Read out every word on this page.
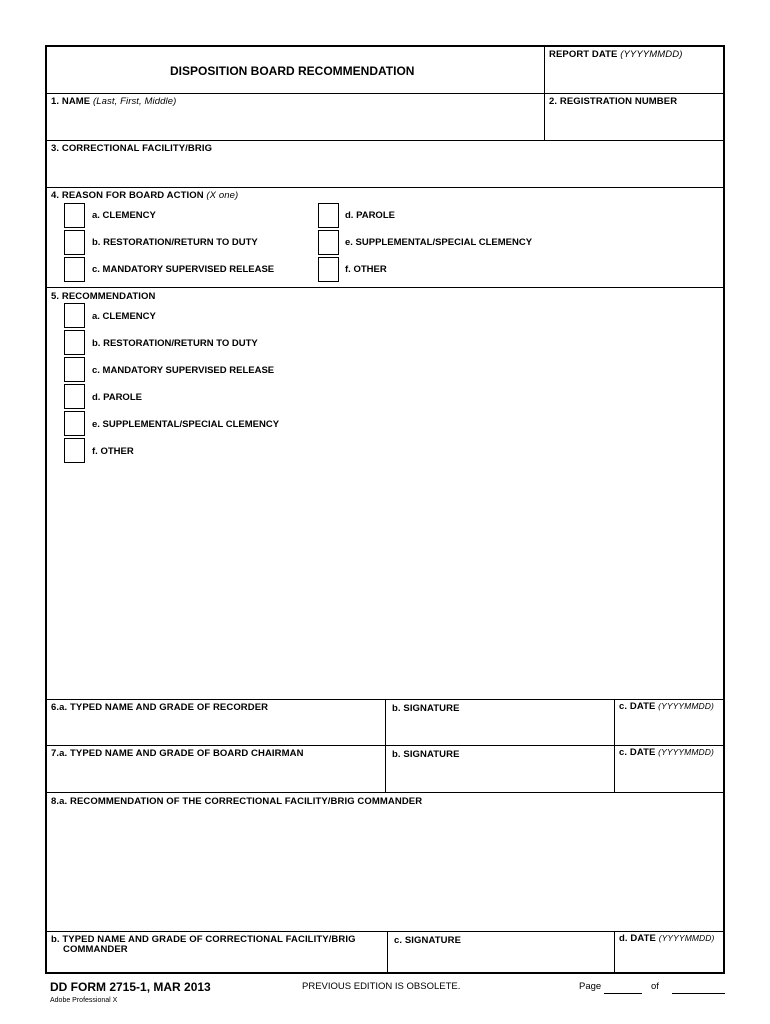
DISPOSITION BOARD RECOMMENDATION
REPORT DATE (YYYYMMDD)
1. NAME (Last, First, Middle)	2. REGISTRATION NUMBER
3. CORRECTIONAL FACILITY/BRIG
4. REASON FOR BOARD ACTION (X one)
a. CLEMENCY
b. RESTORATION/RETURN TO DUTY
c. MANDATORY SUPERVISED RELEASE
d. PAROLE
e. SUPPLEMENTAL/SPECIAL CLEMENCY
f. OTHER
5. RECOMMENDATION
a. CLEMENCY
b. RESTORATION/RETURN TO DUTY
c. MANDATORY SUPERVISED RELEASE
d. PAROLE
e. SUPPLEMENTAL/SPECIAL CLEMENCY
f. OTHER
6.a. TYPED NAME AND GRADE OF RECORDER	b. SIGNATURE	c. DATE (YYYYMMDD)
7.a. TYPED NAME AND GRADE OF BOARD CHAIRMAN	b. SIGNATURE	c. DATE (YYYYMMDD)
8.a. RECOMMENDATION OF THE CORRECTIONAL FACILITY/BRIG COMMANDER
b. TYPED NAME AND GRADE OF CORRECTIONAL FACILITY/BRIG
COMMANDER
c. SIGNATURE	d. DATE (YYYYMMDD)
DD FORM 2715-1, MAR 2013
Adobe Professional X
PREVIOUS EDITION IS OBSOLETE.	Page	of
